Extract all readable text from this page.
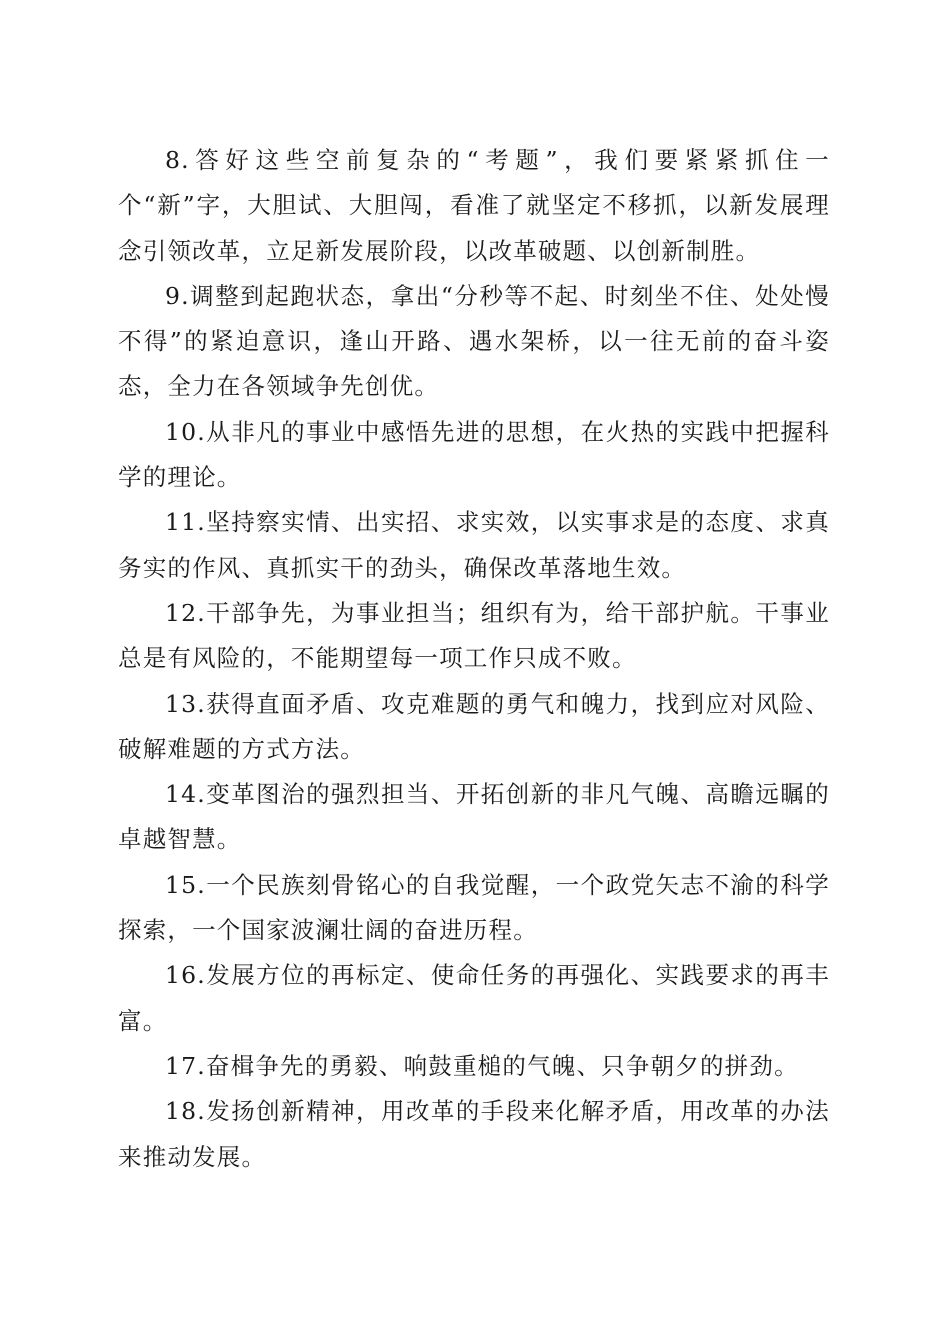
8.答好这些空前复杂的“考题”，我们要紧紧抓住一个“新”字，大胆试、大胆闯，看准了就坚定不移抓，以新发展理念引领改革，立足新发展阶段，以改革破题、以创新制胜。

9.调整到起跑状态，拿出“分秒等不起、时刻坐不住、处处慢不得”的紧迫意识，逢山开路、遇水架桥，以一往无前的奋斗姿态，全力在各领域争先创优。

10.从非凡的事业中感悟先进的思想，在火热的实践中把握科学的理论。

11.坚持察实情、出实招、求实效，以实事求是的态度、求真务实的作风、真抓实干的劲头，确保改革落地生效。

12.干部争先，为事业担当；组织有为，给干部护航。干事业总是有风险的，不能期望每一项工作只成不败。

13.获得直面矛盾、攻克难题的勇气和魄力，找到应对风险、破解难题的方式方法。

14.变革图治的强烈担当、开拓创新的非凡气魄、高瞻远瞩的卓越智慧。

15.一个民族刻骨铭心的自我觉醒，一个政党矢志不渝的科学探索，一个国家波澜壮阔的奋进历程。

16.发展方位的再标定、使命任务的再强化、实践要求的再丰富。

17.奋楫争先的勇毅、响鼓重槌的气魄、只争朝夕的拼劲。

18.发扬创新精神，用改革的手段来化解矛盾，用改革的办法来推动发展。
